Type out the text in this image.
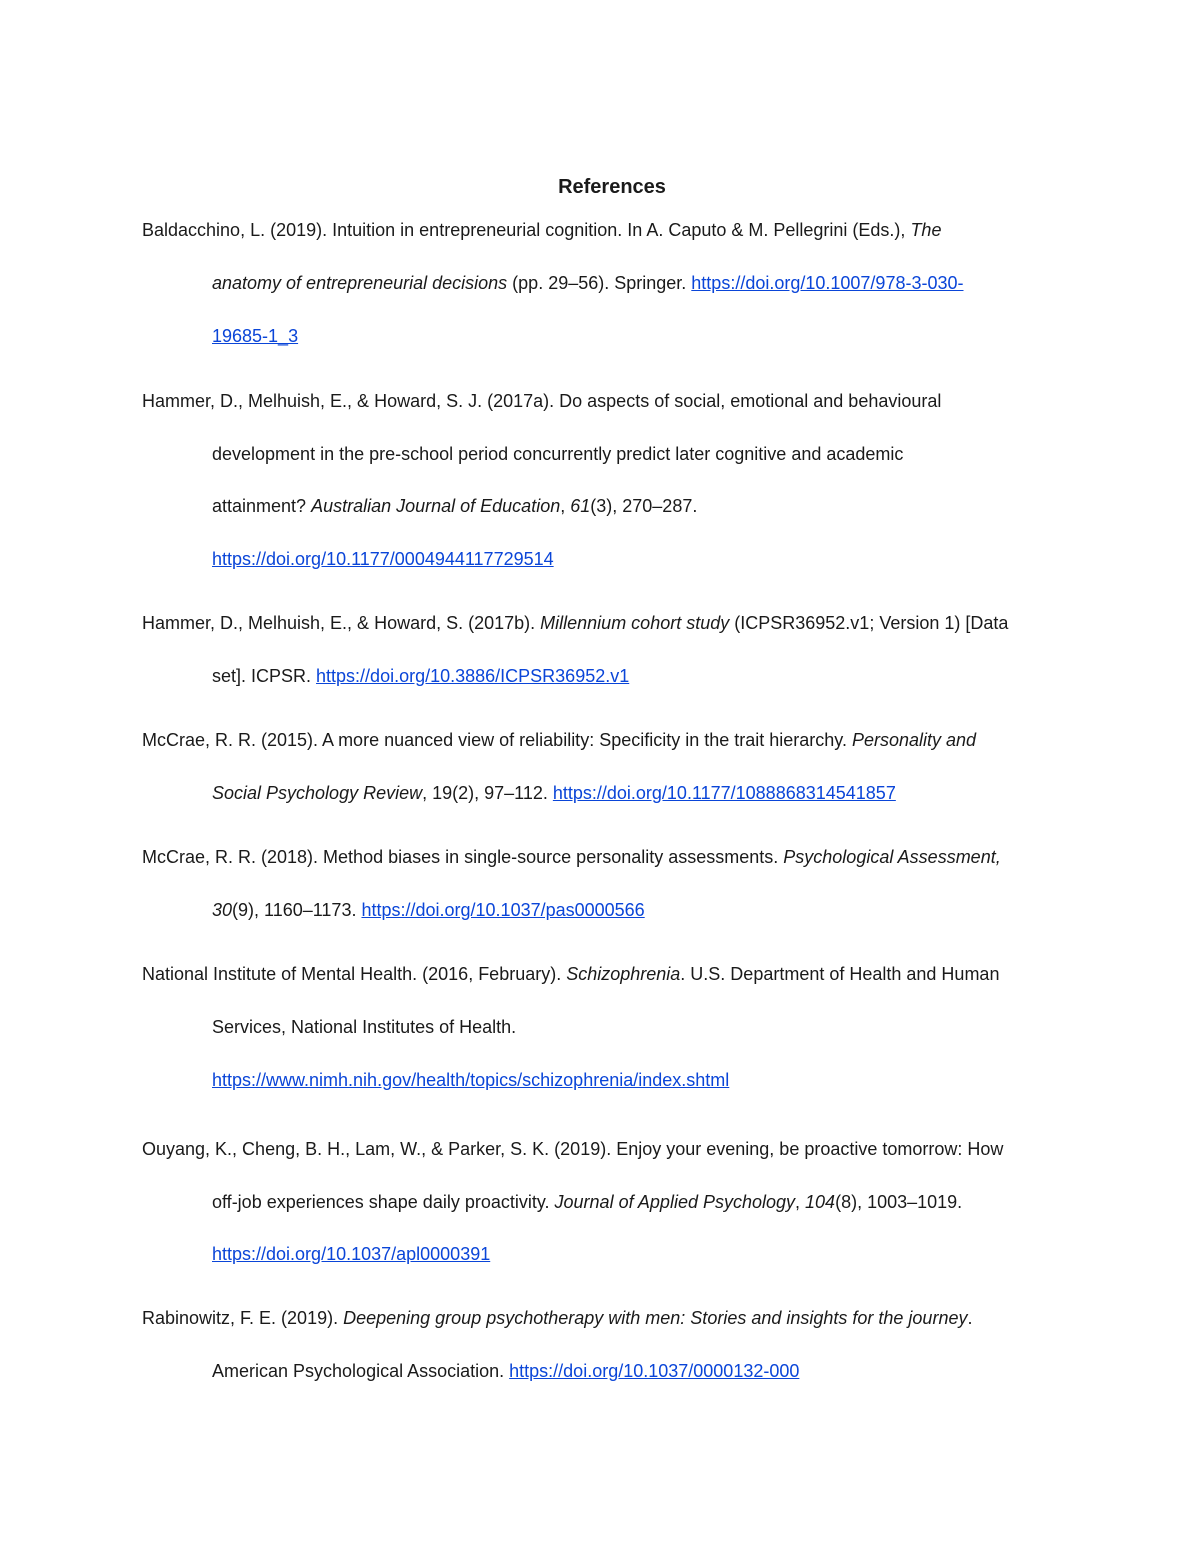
References
Baldacchino, L. (2019). Intuition in entrepreneurial cognition. In A. Caputo & M. Pellegrini (Eds.), The
anatomy of entrepreneurial decisions (pp. 29–56). Springer. https://doi.org/10.1007/978-3-030-
19685-1_3
Hammer, D., Melhuish, E., & Howard, S. J. (2017a). Do aspects of social, emotional and behavioural
development in the pre-school period concurrently predict later cognitive and academic
attainment? Australian Journal of Education, 61(3), 270–287.
https://doi.org/10.1177/0004944117729514
Hammer, D., Melhuish, E., & Howard, S. (2017b). Millennium cohort study (ICPSR36952.v1; Version 1) [Data
set]. ICPSR. https://doi.org/10.3886/ICPSR36952.v1
McCrae, R. R. (2015). A more nuanced view of reliability: Specificity in the trait hierarchy. Personality and
Social Psychology Review, 19(2), 97–112. https://doi.org/10.1177/1088868314541857
McCrae, R. R. (2018). Method biases in single-source personality assessments. Psychological Assessment,
30(9), 1160–1173. https://doi.org/10.1037/pas0000566
National Institute of Mental Health. (2016, February). Schizophrenia. U.S. Department of Health and Human
Services, National Institutes of Health.
https://www.nimh.nih.gov/health/topics/schizophrenia/index.shtml
Ouyang, K., Cheng, B. H., Lam, W., & Parker, S. K. (2019). Enjoy your evening, be proactive tomorrow: How
off-job experiences shape daily proactivity. Journal of Applied Psychology, 104(8), 1003–1019.
https://doi.org/10.1037/apl0000391
Rabinowitz, F. E. (2019). Deepening group psychotherapy with men: Stories and insights for the journey.
American Psychological Association. https://doi.org/10.1037/0000132-000
